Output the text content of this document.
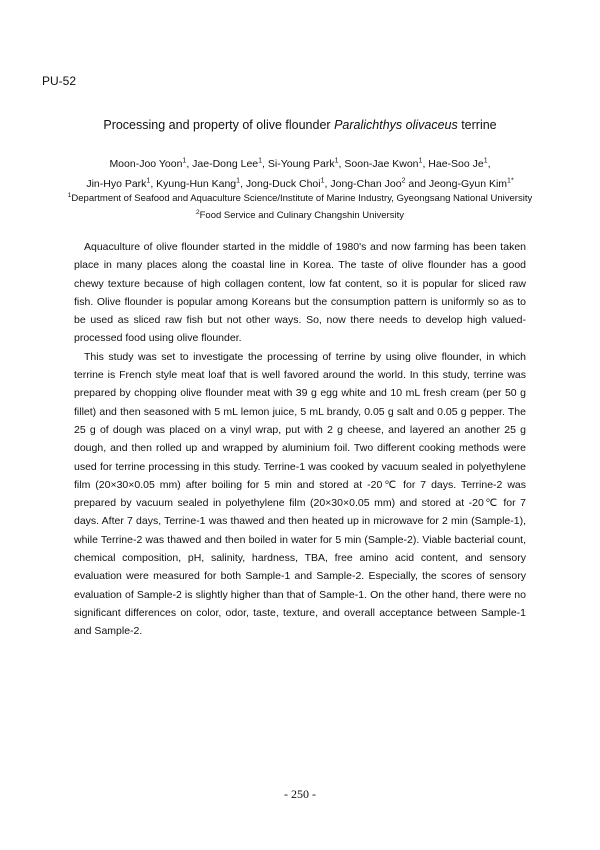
PU-52
Processing and property of olive flounder Paralichthys olivaceus terrine
Moon-Joo Yoon$^1$, Jae-Dong Lee$^1$, Si-Young Park$^1$, Soon-Jae Kwon$^1$, Hae-Soo Je$^1$,
Jin-Hyo Park$^1$, Kyung-Hun Kang$^1$, Jong-Duck Choi$^1$, Jong-Chan Joo$^2$ and Jeong-Gyun Kim$^{1*}$
$^1$Department of Seafood and Aquaculture Science/Institute of Marine Industry, Gyeongsang National University
$^2$Food Service and Culinary Changshin University

Aquaculture of olive flounder started in the middle of 1980's and now farming has been taken place in many places along the coastal line in Korea. The taste of olive flounder has a good chewy texture because of high collagen content, low fat content, so it is popular for sliced raw fish. Olive flounder is popular among Koreans but the consumption pattern is uniformly so as to be used as sliced raw fish but not other ways. So, now there needs to develop high valued-processed food using olive flounder.

This study was set to investigate the processing of terrine by using olive flounder, in which terrine is French style meat loaf that is well favored around the world. In this study, terrine was prepared by chopping olive flounder meat with 39 g egg white and 10 mL fresh cream (per 50 g fillet) and then seasoned with 5 mL lemon juice, 5 mL brandy, 0.05 g salt and 0.05 g pepper. The 25 g of dough was placed on a vinyl wrap, put with 2 g cheese, and layered an another 25 g dough, and then rolled up and wrapped by aluminium foil. Two different cooking methods were used for terrine processing in this study. Terrine-1 was cooked by vacuum sealed in polyethylene film (20×30×0.05 mm) after boiling for 5 min and stored at -20℃ for 7 days. Terrine-2 was prepared by vacuum sealed in polyethylene film (20×30×0.05 mm) and stored at -20℃ for 7 days. After 7 days, Terrine-1 was thawed and then heated up in microwave for 2 min (Sample-1), while Terrine-2 was thawed and then boiled in water for 5 min (Sample-2). Viable bacterial count, chemical composition, pH, salinity, hardness, TBA, free amino acid content, and sensory evaluation were measured for both Sample-1 and Sample-2. Especially, the scores of sensory evaluation of Sample-2 is slightly higher than that of Sample-1. On the other hand, there were no significant differences on color, odor, taste, texture, and overall acceptance between Sample-1 and Sample-2.

- 250 -
